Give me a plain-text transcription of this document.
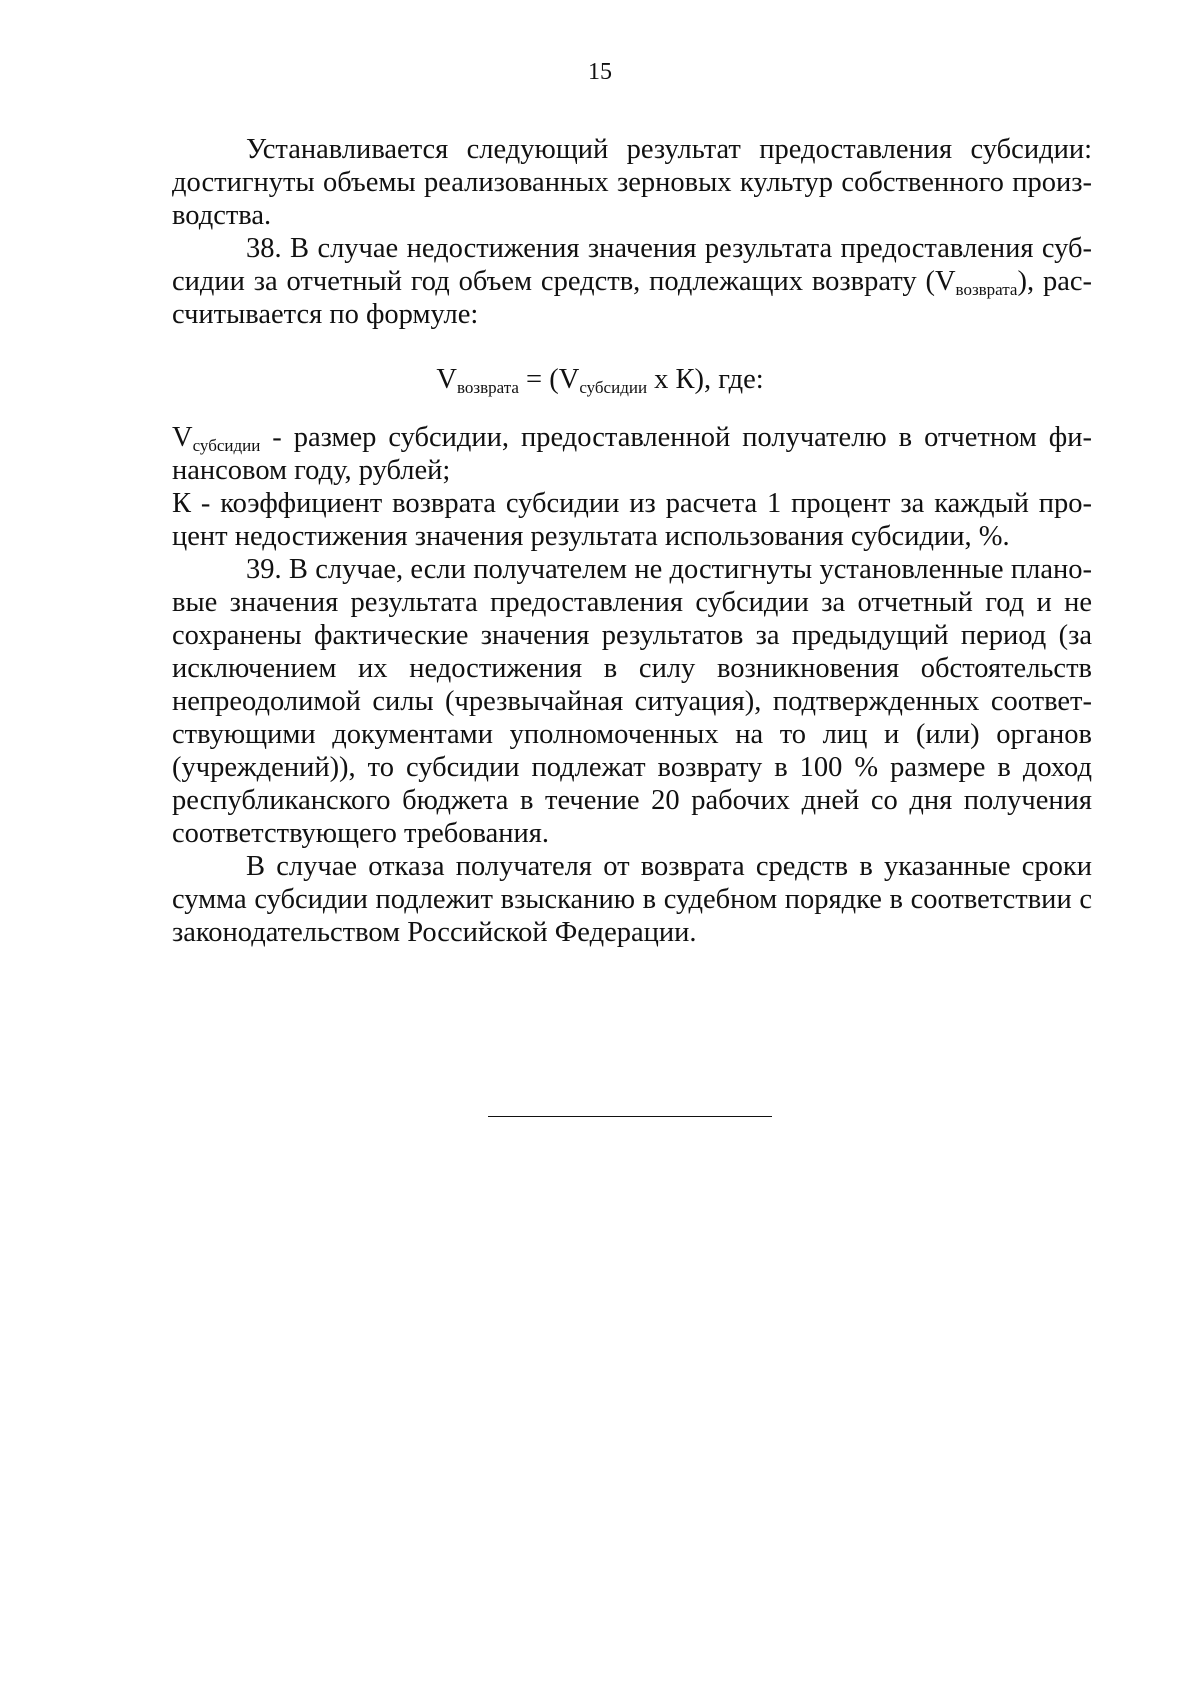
15
Устанавливается следующий результат предоставления субсидии:
достигнуты объемы реализованных зерновых культур собственного произ-
водства.
38. В случае недостижения значения результата предоставления суб-
сидии за отчетный год объем средств, подлежащих возврату (Vвозврата), рас-
считывается по формуле:
Vвозврата = (Vсубсидии х К), где:
Vсубсидии - размер субсидии, предоставленной получателю в отчетном фи-
нансовом году, рублей;
К - коэффициент возврата субсидии из расчета 1 процент за каждый про-
цент недостижения значения результата использования субсидии, %.
39. В случае, если получателем не достигнуты установленные плано-
вые значения результата предоставления субсидии за отчетный год и не
сохранены фактические значения результатов за предыдущий период (за
исключением их недостижения в силу возникновения обстоятельств
непреодолимой силы (чрезвычайная ситуация), подтвержденных соответ-
ствующими документами уполномоченных на то лиц и (или) органов
(учреждений)), то субсидии подлежат возврату в 100 % размере в доход
республиканского бюджета в течение 20 рабочих дней со дня получения
соответствующего требования.
В случае отказа получателя от возврата средств в указанные сроки
сумма субсидии подлежит взысканию в судебном порядке в соответствии с
законодательством Российской Федерации.
